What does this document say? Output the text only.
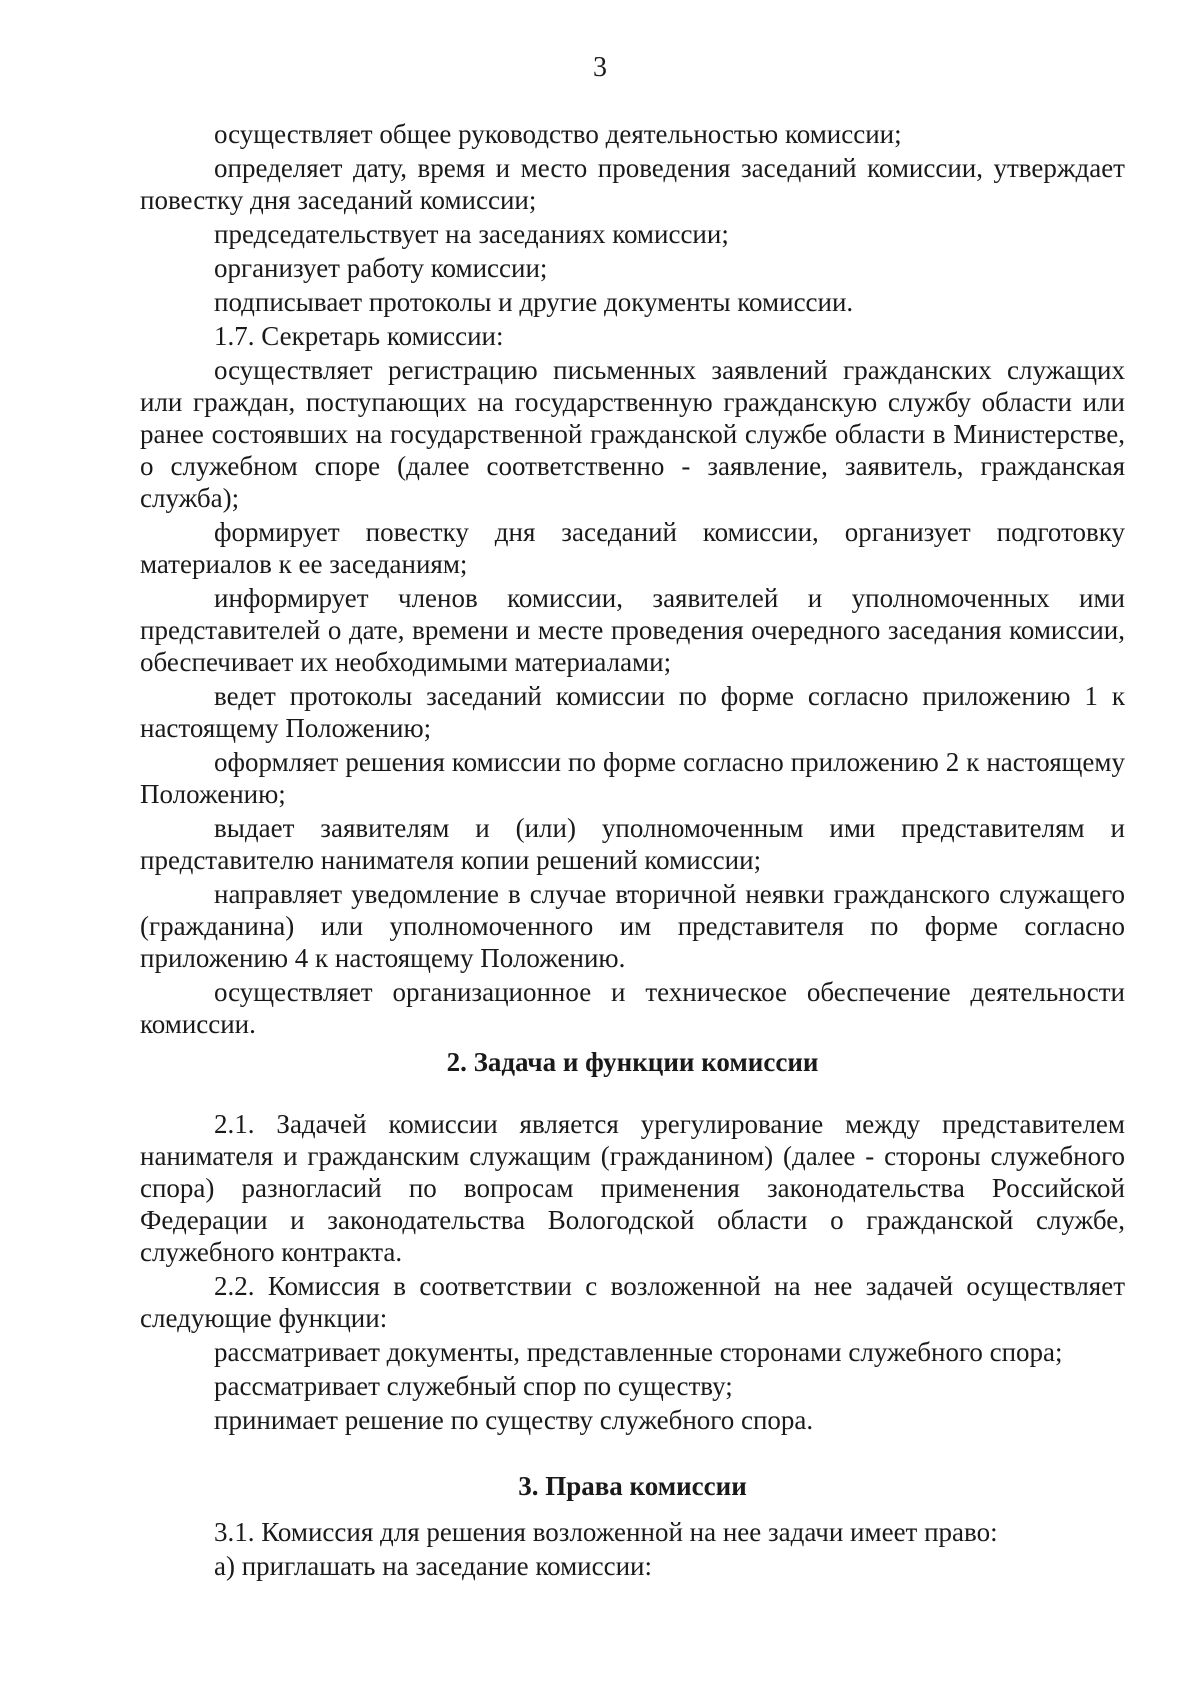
3

осуществляет общее руководство деятельностью комиссии;

определяет дату, время и место проведения заседаний комиссии, утверждает повестку дня заседаний комиссии;

председательствует на заседаниях комиссии;

организует работу комиссии;

подписывает протоколы и другие документы комиссии.

1.7. Секретарь комиссии:

осуществляет регистрацию письменных заявлений гражданских служащих или граждан, поступающих на государственную гражданскую службу области или ранее состоявших на государственной гражданской службе области в Министерстве, о служебном споре (далее соответственно - заявление, заявитель, гражданская служба);

формирует повестку дня заседаний комиссии, организует подготовку материалов к ее заседаниям;

информирует членов комиссии, заявителей и уполномоченных ими представителей о дате, времени и месте проведения очередного заседания комиссии, обеспечивает их необходимыми материалами;

ведет протоколы заседаний комиссии по форме согласно приложению 1 к настоящему Положению;

оформляет решения комиссии по форме согласно приложению 2 к настоящему Положению;

выдает заявителям и (или) уполномоченным ими представителям и представителю нанимателя копии решений комиссии;

направляет уведомление в случае вторичной неявки гражданского служащего (гражданина) или уполномоченного им представителя по форме согласно приложению 4 к настоящему Положению.

осуществляет организационное и техническое обеспечение деятельности комиссии.

2. Задача и функции комиссии

2.1. Задачей комиссии является урегулирование между представителем нанимателя и гражданским служащим (гражданином) (далее - стороны служебного спора) разногласий по вопросам применения законодательства Российской Федерации и законодательства Вологодской области о гражданской службе, служебного контракта.

2.2. Комиссия в соответствии с возложенной на нее задачей осуществляет следующие функции:

рассматривает документы, представленные сторонами служебного спора;

рассматривает служебный спор по существу;

принимает решение по существу служебного спора.

3. Права комиссии

3.1. Комиссия для решения возложенной на нее задачи имеет право:

а) приглашать на заседание комиссии:
